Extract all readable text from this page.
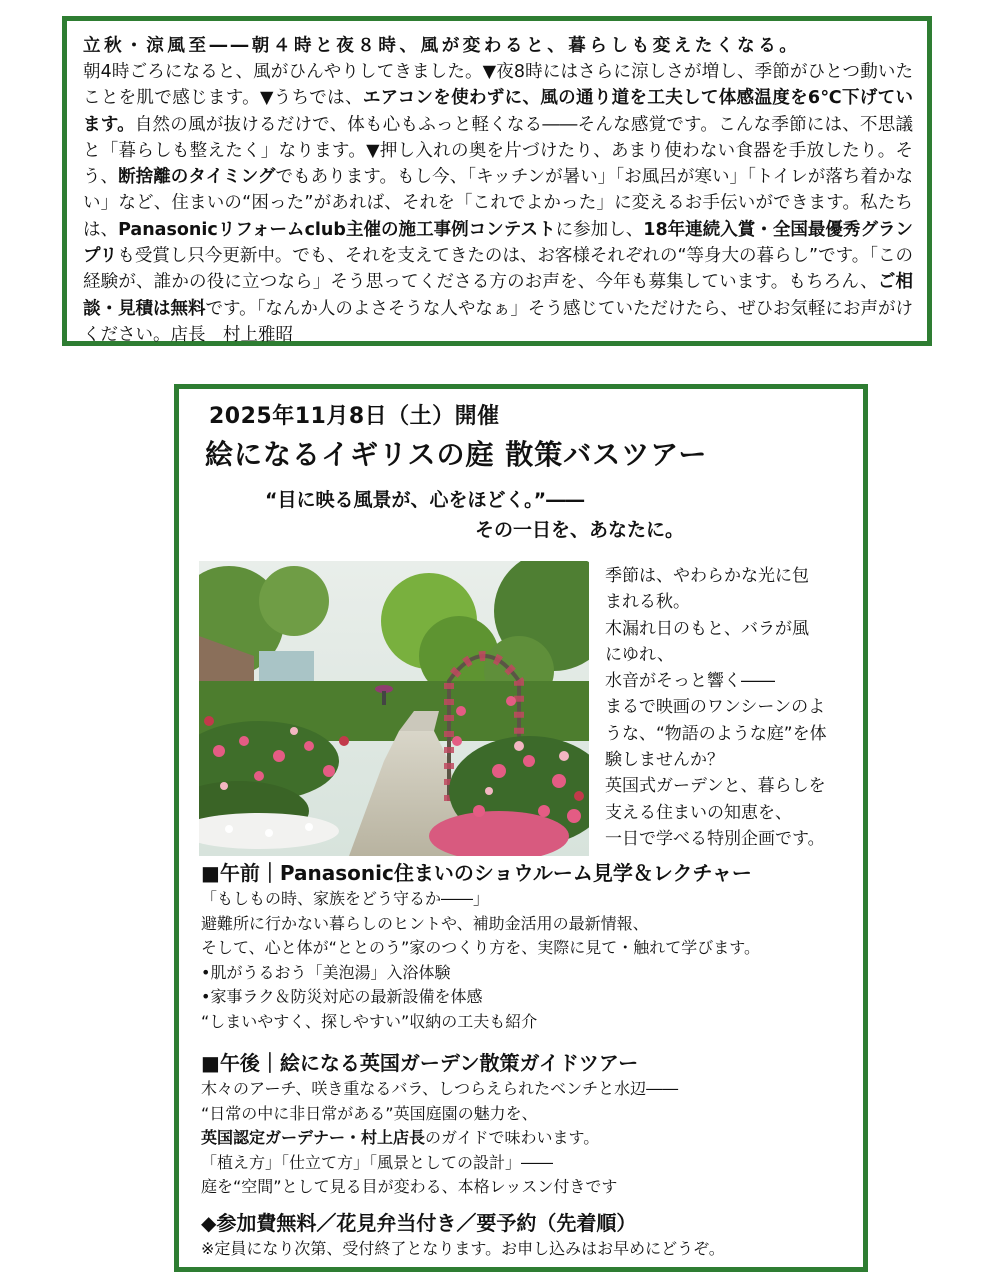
立秋・涼風至――朝４時と夜８時、風が変わると、暮らしも変えたくなる。

朝4時ごろになると、風がひんやりしてきました。▼夜8時にはさらに涼しさが増し、季節がひとつ動いたことを肌で感じます。▼うちでは、エアコンを使わずに、風の通り道を工夫して体感温度を6℃下げています。自然の風が抜けるだけで、体も心もふっと軽くなる――そんな感覚です。こんな季節には、不思議と「暮らしも整えたく」なります。▼押し入れの奥を片づけたり、あまり使わない食器を手放したり。そう、断捨離のタイミングでもあります。もし今、「キッチンが暑い」「お風呂が寒い」「トイレが落ち着かない」など、住まいの“困った”があれば、それを「これでよかった」に変えるお手伝いができます。私たちは、Panasonicリフォームclub主催の施工事例コンテストに参加し、18年連続入賞・全国最優秀グランプリも受賞し只今更新中。でも、それを支えてきたのは、お客様それぞれの“等身大の暮らし”です。「この経験が、誰かの役に立つなら」そう思ってくださる方のお声を、今年も募集しています。もちろん、ご相談・見積は無料です。「なんか人のよさそうな人やなぁ」そう感じていただけたら、ぜひお気軽にお声がけください。店長　村上雅昭

2025年11月8日（土）開催
絵になるイギリスの庭 散策バスツアー
“目に映る風景が、心をほどく。”――
その一日を、あなたに。
季節は、やわらかな光に包
まれる秋。
木漏れ日のもと、バラが風
にゆれ、
水音がそっと響く――
まるで映画のワンシーンのよ
うな、“物語のような庭”を体
験しませんか？
英国式ガーデンと、暮らしを
支える住まいの知恵を、
一日で学べる特別企画です。
■午前｜Panasonic住まいのショウルーム見学＆レクチャー
「もしもの時、家族をどう守るか――」
避難所に行かない暮らしのヒントや、補助金活用の最新情報、
そして、心と体が“ととのう”家のつくり方を、実際に見て・触れて学びます。
•肌がうるおう「美泡湯」入浴体験
•家事ラク＆防災対応の最新設備を体感
“しまいやすく、探しやすい”収納の工夫も紹介
■午後｜絵になる英国ガーデン散策ガイドツアー
木々のアーチ、咲き重なるバラ、しつらえられたベンチと水辺――
“日常の中に非日常がある”英国庭園の魅力を、
英国認定ガーデナー・村上店長のガイドで味わいます。
「植え方」「仕立て方」「風景としての設計」――
庭を“空間”として見る目が変わる、本格レッスン付きです
◆参加費無料／花見弁当付き／要予約（先着順）
※定員になり次第、受付終了となります。お申し込みはお早めにどうぞ。
